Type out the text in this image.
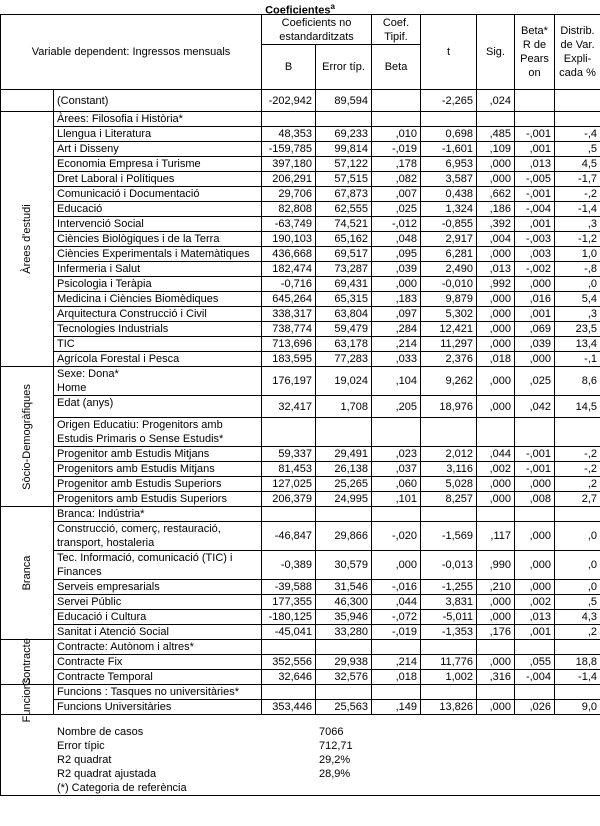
Coeficientes$^a$
Variable dependent: Ingressos mensuals	Coeficients no estandarditzats	Coef. Tipif.	t	Sig.	Beta* R de Pears on	Distrib. de Var. Expli- cada %
B	Error típ.	Beta
	(Constant)	-202,942	89,594		-2,265	,024		

Àrees d'estudi
	Àrees: Filosofia i Història*							
Llengua i Literatura	48,353	69,233	,010	0,698	,485	-,001	-,4
Art i Disseny	-159,785	99,814	-,019	-1,601	,109	,001	,5
Economia Empresa i Turisme	397,180	57,122	,178	6,953	,000	,013	4,5
Dret Laboral i Polítiques	206,291	57,515	,082	3,587	,000	-,005	-1,7
Comunicació i Documentació	29,706	67,873	,007	0,438	,662	-,001	-,2
Educació	82,808	62,555	,025	1,324	,186	-,004	-1,4
Intervenció Social	-63,749	74,521	-,012	-0,855	,392	,001	,3
Ciències Biològiques i de la Terra	190,103	65,162	,048	2,917	,004	-,003	-1,2
Ciències Experimentals i Matemàtiques	436,668	69,517	,095	6,281	,000	,003	1,0
Infermeria i Salut	182,474	73,287	,039	2,490	,013	-,002	-,8
Psicologia i Teràpia	-0,716	69,431	,000	-0,010	,992	,000	,0
Medicina i Ciències Biomèdiques	645,264	65,315	,183	9,879	,000	,016	5,4
Arquitectura Construcció i Civil	338,317	63,804	,097	5,302	,000	,001	,3
Tecnologies Industrials	738,774	59,479	,284	12,421	,000	,069	23,5
TIC	713,696	63,178	,214	11,297	,000	,039	13,4
Agrícola Forestal i Pesca	183,595	77,283	,033	2,376	,018	,000	-,1

Sòcio-Demogràfiques

Sexe: Dona*
Home
	176,197	19,024	,104	9,262	,000	,025	8,6
Edat (anys)	32,417	1,708	,205	18,976	,000	,042	14,5
Origen Educatiu: Progenitors amb Estudis Primaris o Sense Estudis*							
Progenitor amb Estudis Mitjans	59,337	29,491	,023	2,012	,044	-,001	-,2
Progenitors amb Estudis Mitjans	81,453	26,138	,037	3,116	,002	-,001	-,2
Progenitor amb Estudis Superiors	127,025	25,265	,060	5,028	,000	,000	,2
Progenitors amb Estudis Superiors	206,379	24,995	,101	8,257	,000	,008	2,7

Branca
	Branca: Indústria*							
Construcció, comerç, restauració, transport, hostaleria	-46,847	29,866	-,020	-1,569	,117	,000	,0
Tec. Informació, comunicació (TIC) i Finances	-0,389	30,579	,000	-0,013	,990	,000	,0
Serveis empresarials	-39,588	31,546	-,016	-1,255	,210	,000	,0
Servei Públic	177,355	46,300	,044	3,831	,000	,002	,5
Educació i Cultura	-180,125	35,946	-,072	-5,011	,000	,013	4,3
Sanitat i Atenció Social	-45,041	33,280	-,019	-1,353	,176	,001	,2

Contracte	Contracte: Autònom i altres*							
Contracte Fix	352,556	29,938	,214	11,776	,000	,055	18,8
Contracte Temporal	32,646	32,576	,018	1,002	,316	-,004	-1,4

Funcions	Funcions : Tasques no universitàries*							
Funcions Universitàries	353,446	25,563	,149	13,826	,000	,026	9,0

Nombre de casos	7066
Error típic	712,71
R2 quadrat	29,2%
R2 quadrat ajustada	28,9%
(*) Categoria de referència	
